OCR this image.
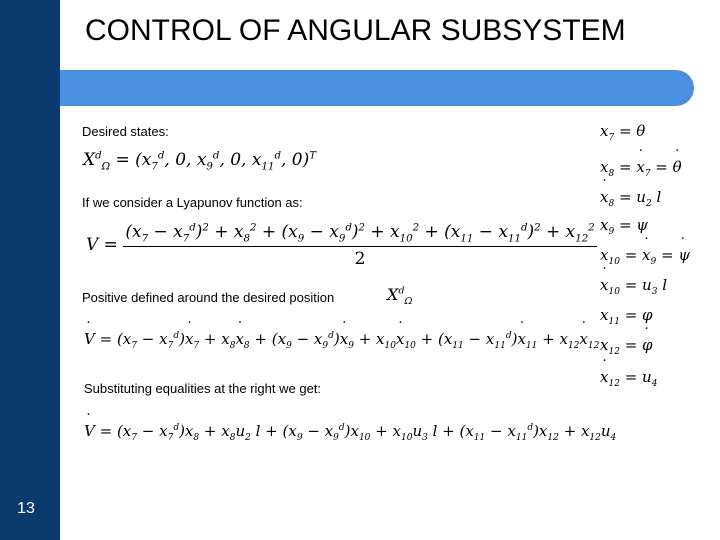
13
CONTROL OF ANGULAR SUBSYSTEM
Desired states:
$X^d_\Omega = (x_7^d$, 0, $x_9^d$, 0, $x_{11}^d$, 0)$^T$
If we consider a Lyapunov function as:
V =
$(x_7 - x_7^d)^2 + x_8^2 + (x_9 - x_9^d)^2 + x_{10}^2 + (x_{11} - x_{11}^d)^2 + x_{12}^2$
2
Positive defined around the desired position	$X^d_\Omega$
˙ $V = (x_7$ − $x_7^d)˙$ $x_7$ + $x_8˙$ $x_8 + (x_9$ − $x_9^d)˙$ $x_9$ + $x_{10}˙$ $x_{10} + (x_{11}$ − $x_{11}^d)˙$ $x_{11}$ + $x_{12}˙$ $x_{12}$
Substituting equalities at the right we get:
˙ $V = (x_7 - x_7^d)x_8 + x_8u_2$ $l + (x_9 - x_9^d)x_{10} + x_{10}u_3$ $l + (x_{11} - x_{11}^d)x_{12} + x_{12}u_4$
$x_7 = \theta$
$x_8$ = ˙ $x_7$ = ˙ θ
˙ $x_8 = u_2$ l
$x_9 = \psi$
$x_{10}$ = ˙ $x_9$ = ˙ ψ
˙ $x_{10} = u_3$ l
$x_{11} = \varphi$
$x_{12}$ = ˙ φ
˙ $x_{12} = u_4$
